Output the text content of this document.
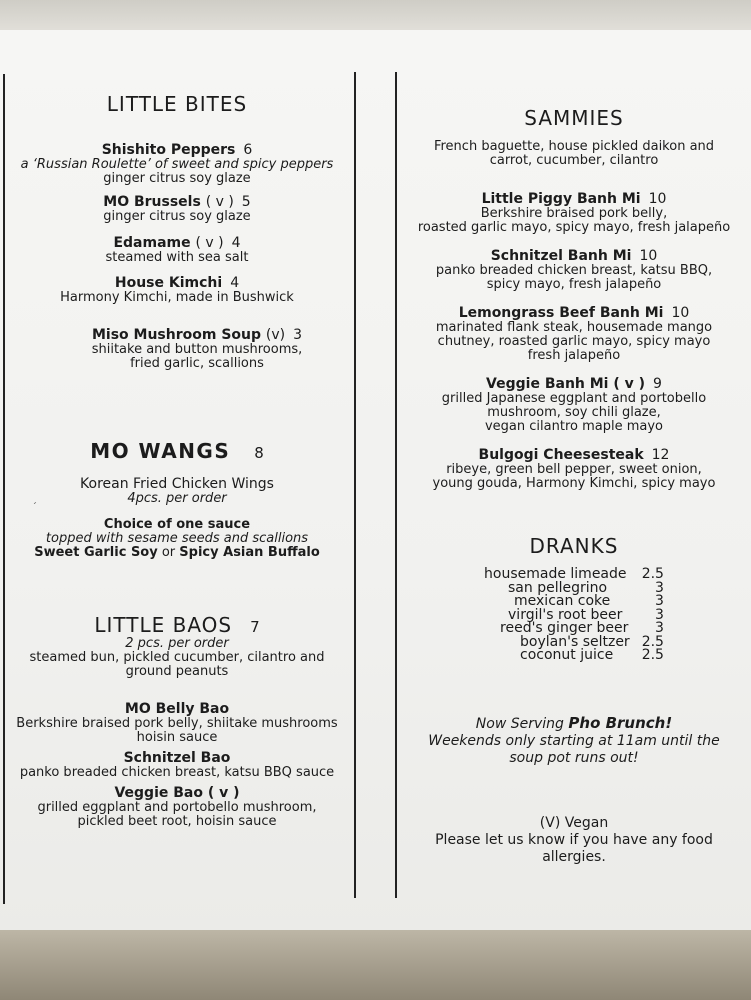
´
LITTLE BITES
Shishito Peppers 6
a ‘Russian Roulette’ of sweet and spicy peppers
ginger citrus soy glaze
MO Brussels ( v ) 5
ginger citrus soy glaze
Edamame ( v ) 4
steamed with sea salt
House Kimchi 4
Harmony Kimchi, made in Bushwick
Miso Mushroom Soup (v) 3
shiitake and button mushrooms,
fried garlic, scallions
MO WANGS 8
Korean Fried Chicken Wings
4pcs. per order
Choice of one sauce
topped with sesame seeds and scallions
Sweet Garlic Soy or Spicy Asian Buffalo
LITTLE BAOS 7
2 pcs. per order
steamed bun, pickled cucumber, cilantro and
ground peanuts
MO Belly Bao
Berkshire braised pork belly, shiitake mushrooms
hoisin sauce
Schnitzel Bao
panko breaded chicken breast, katsu BBQ sauce
Veggie Bao ( v )
grilled eggplant and portobello mushroom,
pickled beet root, hoisin sauce
SAMMIES
French baguette, house pickled daikon and
carrot, cucumber, cilantro
Little Piggy Banh Mi 10
Berkshire braised pork belly,
roasted garlic mayo, spicy mayo, fresh jalapeño
Schnitzel Banh Mi 10
panko breaded chicken breast, katsu BBQ,
spicy mayo, fresh jalapeño
Lemongrass Beef Banh Mi 10
marinated flank steak, housemade mango
chutney, roasted garlic mayo, spicy mayo
fresh jalapeño
Veggie Banh Mi ( v ) 9
grilled Japanese eggplant and portobello
mushroom, soy chili glaze,
vegan cilantro maple mayo
Bulgogi Cheesesteak 12
ribeye, green bell pepper, sweet onion,
young gouda, Harmony Kimchi, spicy mayo
DRANKS
housemade limeade	2.5
san pellegrino	3
mexican coke	3
virgil's root beer	3
reed's ginger beer	3
boylan's seltzer	2.5
coconut juice	2.5
Now Serving Pho Brunch!
Weekends only starting at 11am until the
soup pot runs out!
(V) Vegan
Please let us know if you have any food
allergies.
